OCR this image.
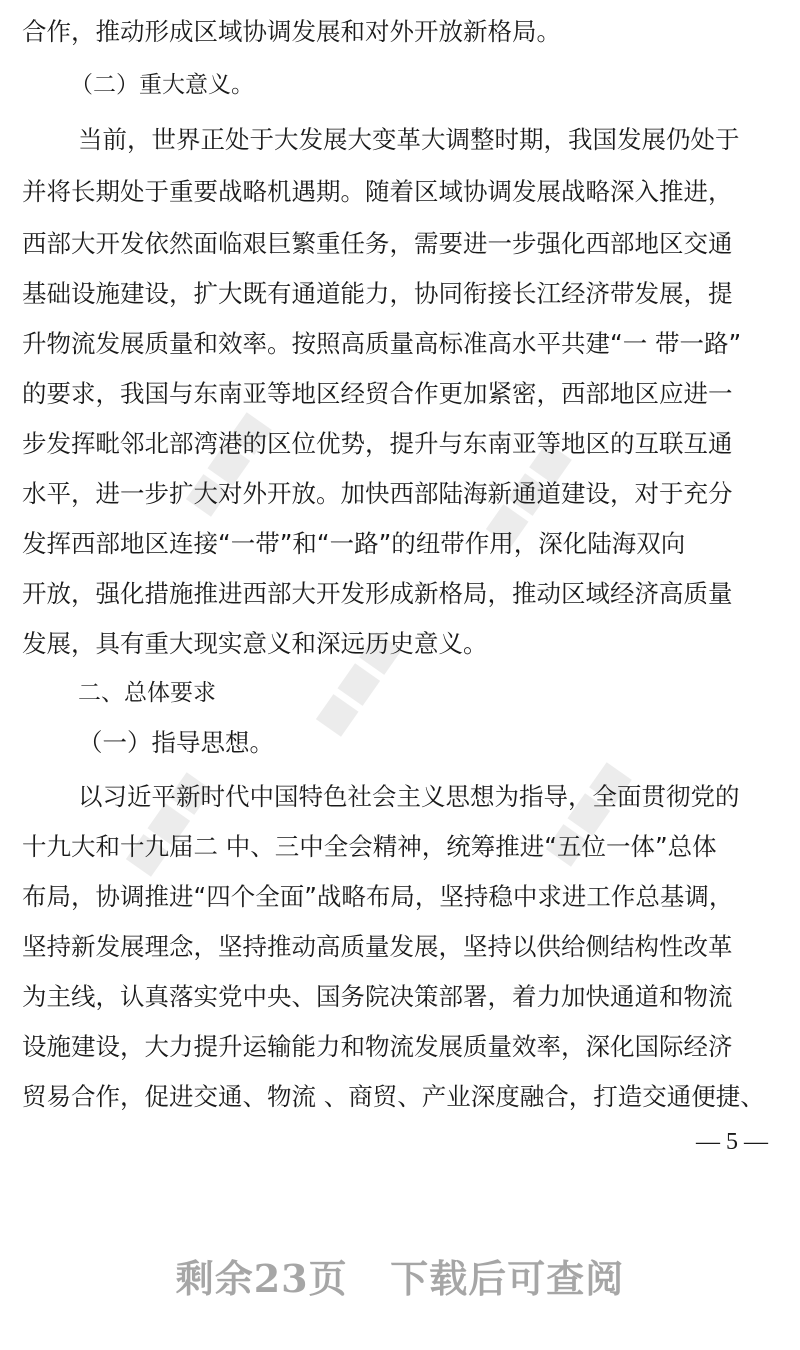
■■■	■■■
■■■
■■■	■■■
合作，推动形成区域协调发展和对外开放新格局。
（二）重大意义。
当前，世界正处于大发展大变革大调整时期，我国发展仍处于
并将长期处于重要战略机遇期。随着区域协调发展战略深入推进，
西部大开发依然面临艰巨繁重任务，需要进一步强化西部地区交通
基础设施建设，扩大既有通道能力，协同衔接长江经济带发展，提
升物流发展质量和效率。按照高质量高标准高水平共建“一 带一路”
的要求，我国与东南亚等地区经贸合作更加紧密，西部地区应进一
步发挥毗邻北部湾港的区位优势，提升与东南亚等地区的互联互通
水平，进一步扩大对外开放。加快西部陆海新通道建设，对于充分
发挥西部地区连接“一带”和“一路”的纽带作用，深化陆海双向
开放，强化措施推进西部大开发形成新格局，推动区域经济高质量
发展，具有重大现实意义和深远历史意义。
二、总体要求
（一）指导思想。
以习近平新时代中国特色社会主义思想为指导，全面贯彻党的
十九大和十九届二 中、三中全会精神，统筹推进“五位一体”总体
布局，协调推进“四个全面”战略布局，坚持稳中求进工作总基调，
坚持新发展理念，坚持推动高质量发展，坚持以供给侧结构性改革
为主线，认真落实党中央、国务院决策部署，着力加快通道和物流
设施建设，大力提升运输能力和物流发展质量效率，深化国际经济
贸易合作，促进交通、物流 、商贸、产业深度融合，打造交通便捷、
— 5 —
剩余23页   下载后可查阅
